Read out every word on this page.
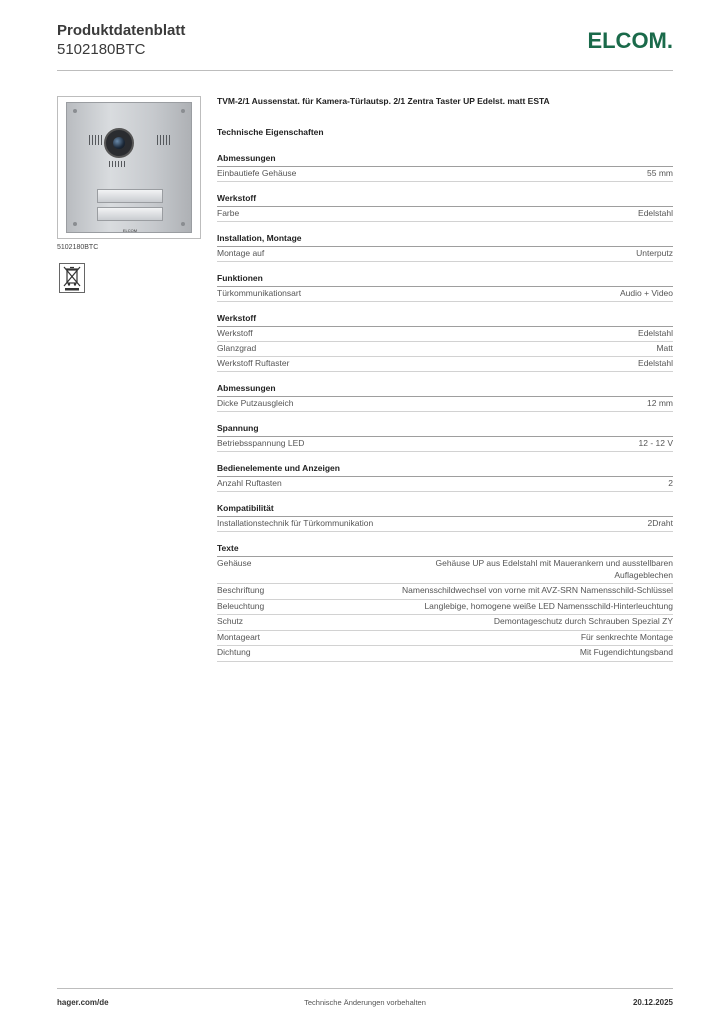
Produktdatenblatt
5102180BTC	ELCOM.
ELCOM
5102180BTC
TVM-2/1 Aussenstat. für Kamera-Türlautsp. 2/1 Zentra Taster UP Edelst. matt ESTA
Technische Eigenschaften
Abmessungen
Einbautiefe Gehäuse	55 mm
Werkstoff
Farbe	Edelstahl
Installation, Montage
Montage auf	Unterputz
Funktionen
Türkommunikationsart	Audio + Video
Werkstoff
Werkstoff	Edelstahl
Glanzgrad	Matt
Werkstoff Ruftaster	Edelstahl
Abmessungen
Dicke Putzausgleich	12 mm
Spannung
Betriebsspannung LED	12 - 12 V
Bedienelemente und Anzeigen
Anzahl Ruftasten	2
Kompatibilität
Installationstechnik für Türkommunikation	2Draht
Texte
Gehäuse	Gehäuse UP aus Edelstahl mit Mauerankern und ausstellbaren Auflageblechen
Beschriftung	Namensschildwechsel von vorne mit AVZ-SRN Namensschild-Schlüssel
Beleuchtung	Langlebige, homogene weiße LED Namensschild-Hinterleuchtung
Schutz	Demontageschutz durch Schrauben Spezial ZY
Montageart	Für senkrechte Montage
Dichtung	Mit Fugendichtungsband
hager.com/de	Technische Änderungen vorbehalten	20.12.2025
